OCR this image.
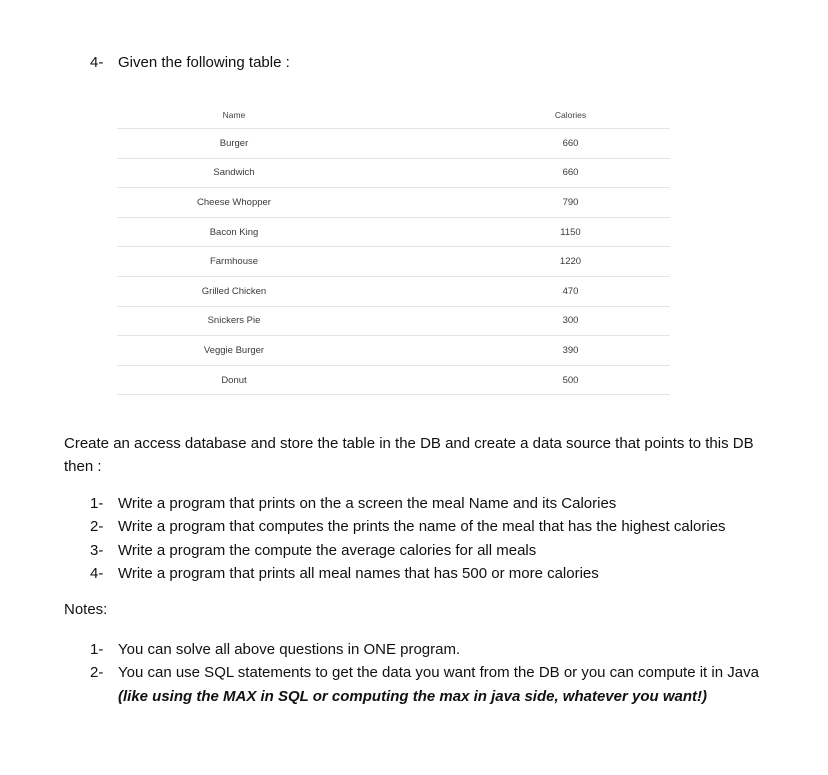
4- Given the following table :
Name	Calories
Burger	660
Sandwich	660
Cheese Whopper	790
Bacon King	1150
Farmhouse	1220
Grilled Chicken	470
Snickers Pie	300
Veggie Burger	390
Donut	500
Create an access database and store the table in the DB and create a data source that points to this DB then :
1- Write a program that prints on the a screen the meal Name and its Calories
2- Write a program that computes the prints the name of the meal that has the highest calories
3- Write a program the compute the average calories for all meals
4- Write a program that prints all meal names that has 500 or more calories
Notes:
1- You can solve all above questions in ONE program.
2- You can use SQL statements to get the data you want from the DB or you can compute it in Java
(like using the MAX in SQL or computing the max in java side, whatever you want!)
